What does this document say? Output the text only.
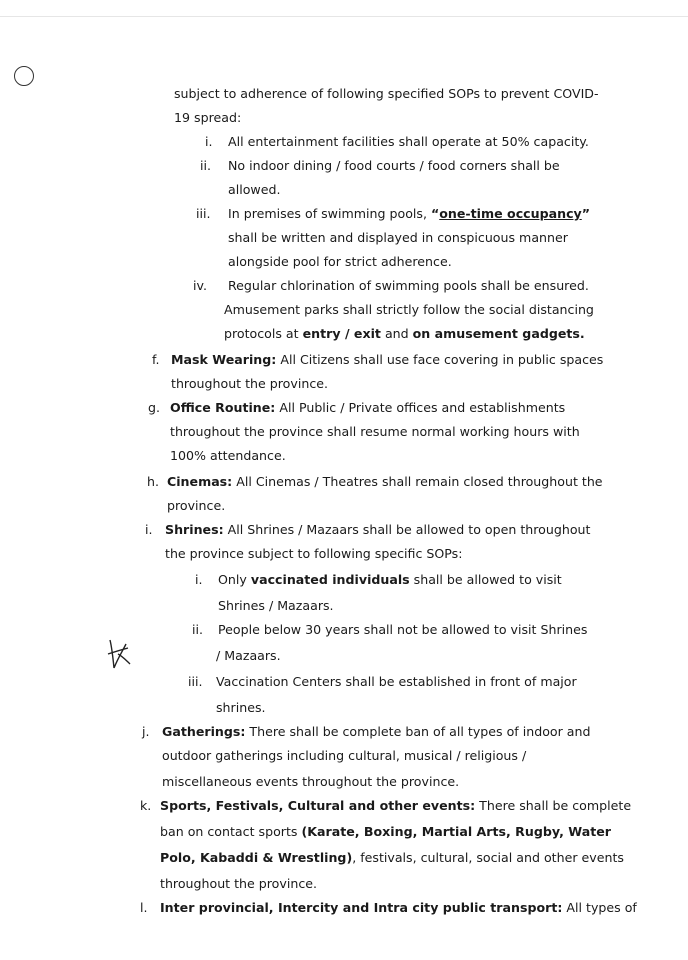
subject to adherence of following specified SOPs to prevent COVID-
19 spread:
i. All entertainment facilities shall operate at 50% capacity.
ii. No indoor dining / food courts / food corners shall be
allowed.
iii. In premises of swimming pools, “one-time occupancy”
shall be written and displayed in conspicuous manner
alongside pool for strict adherence.
iv. Regular chlorination of swimming pools shall be ensured.
Amusement parks shall strictly follow the social distancing
protocols at entry / exit and on amusement gadgets.
f. Mask Wearing: All Citizens shall use face covering in public spaces
throughout the province.
g. Office Routine: All Public / Private offices and establishments
throughout the province shall resume normal working hours with
100% attendance.
h. Cinemas: All Cinemas / Theatres shall remain closed throughout the
province.
i. Shrines: All Shrines / Mazaars shall be allowed to open throughout
the province subject to following specific SOPs:
i. Only vaccinated individuals shall be allowed to visit
Shrines / Mazaars.
ii. People below 30 years shall not be allowed to visit Shrines
/ Mazaars.
iii. Vaccination Centers shall be established in front of major
shrines.
j. Gatherings: There shall be complete ban of all types of indoor and
outdoor gatherings including cultural, musical / religious /
miscellaneous events throughout the province.
k. Sports, Festivals, Cultural and other events: There shall be complete
ban on contact sports (Karate, Boxing, Martial Arts, Rugby, Water
Polo, Kabaddi & Wrestling), festivals, cultural, social and other events
throughout the province.
l. Inter provincial, Intercity and Intra city public transport: All types of
